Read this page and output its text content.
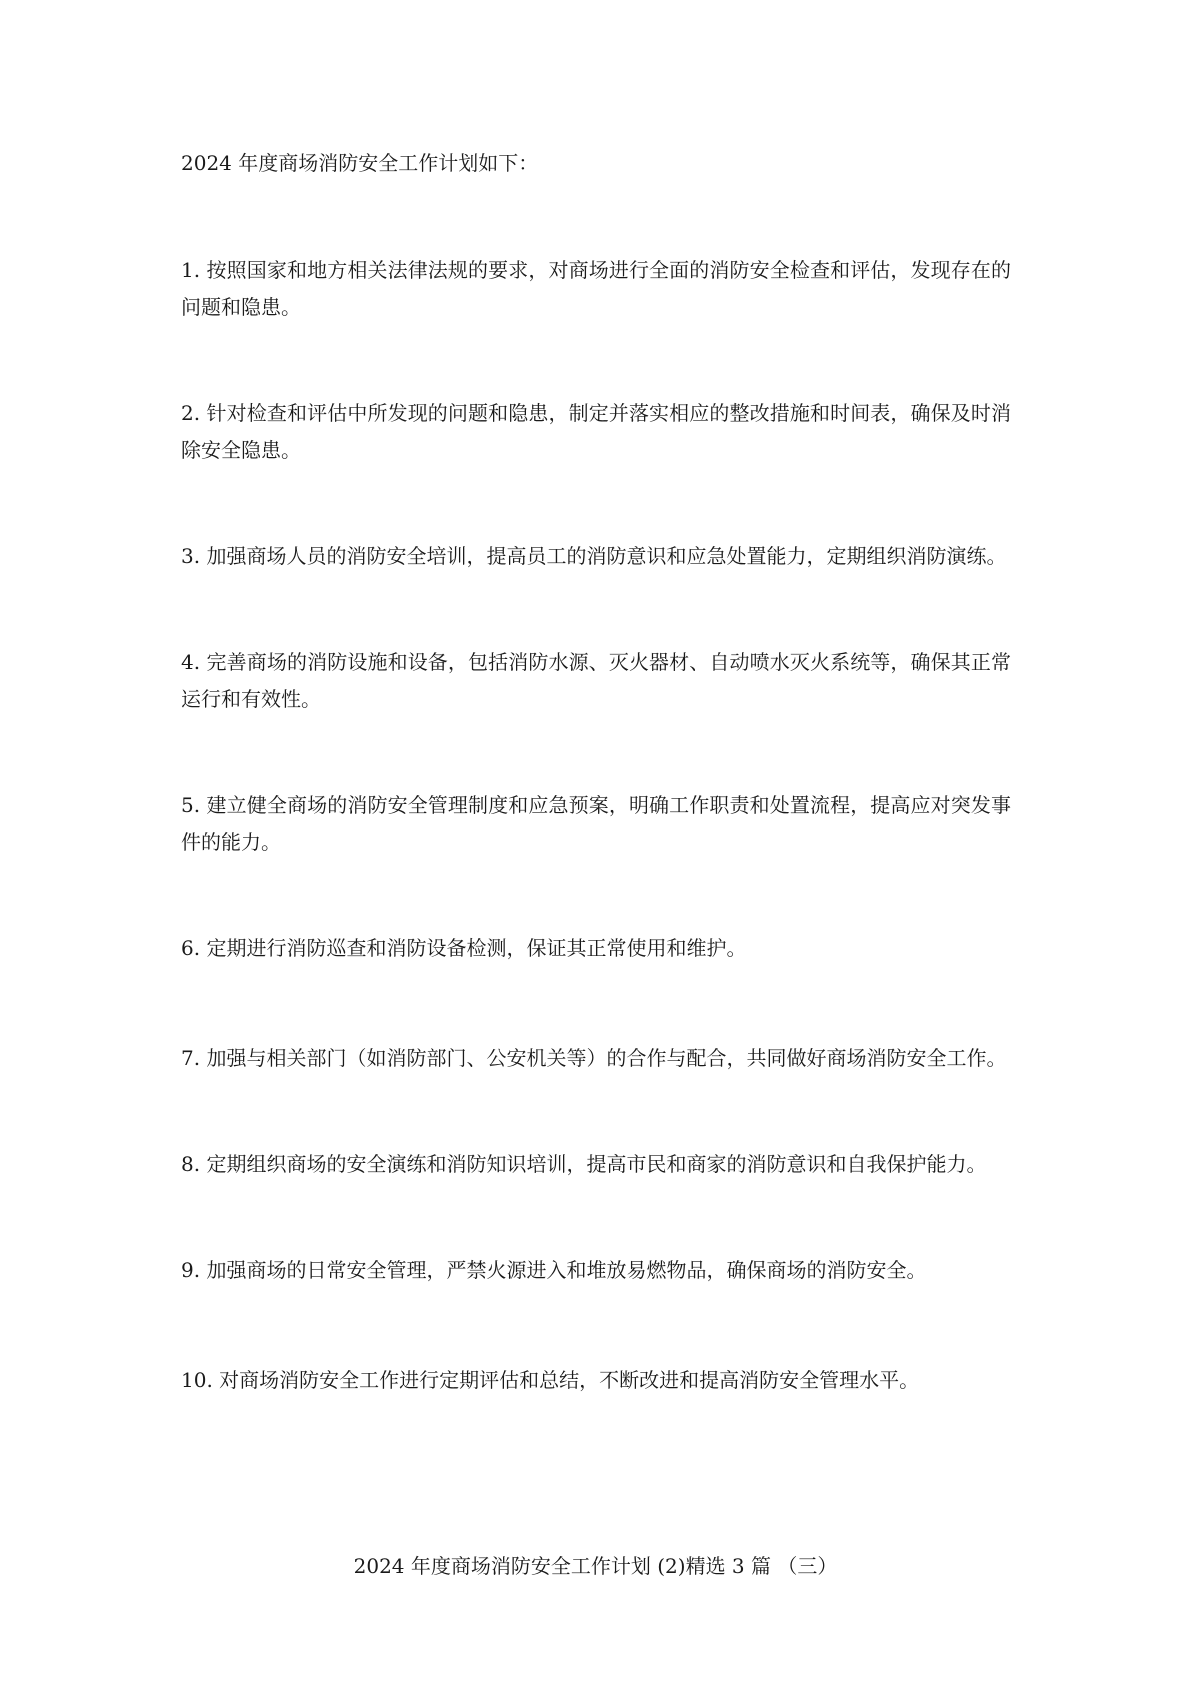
2024 年度商场消防安全工作计划如下：

1. 按照国家和地方相关法律法规的要求，对商场进行全面的消防安全检查和评估，发现存在的问题和隐患。
2. 针对检查和评估中所发现的问题和隐患，制定并落实相应的整改措施和时间表，确保及时消除安全隐患。
3. 加强商场人员的消防安全培训，提高员工的消防意识和应急处置能力，定期组织消防演练。
4. 完善商场的消防设施和设备，包括消防水源、灭火器材、自动喷水灭火系统等，确保其正常运行和有效性。
5. 建立健全商场的消防安全管理制度和应急预案，明确工作职责和处置流程，提高应对突发事件的能力。
6. 定期进行消防巡查和消防设备检测，保证其正常使用和维护。
7. 加强与相关部门（如消防部门、公安机关等）的合作与配合，共同做好商场消防安全工作。
8. 定期组织商场的安全演练和消防知识培训，提高市民和商家的消防意识和自我保护能力。
9. 加强商场的日常安全管理，严禁火源进入和堆放易燃物品，确保商场的消防安全。
10. 对商场消防安全工作进行定期评估和总结，不断改进和提高消防安全管理水平。

2024 年度商场消防安全工作计划 (2)精选 3 篇 （三）
